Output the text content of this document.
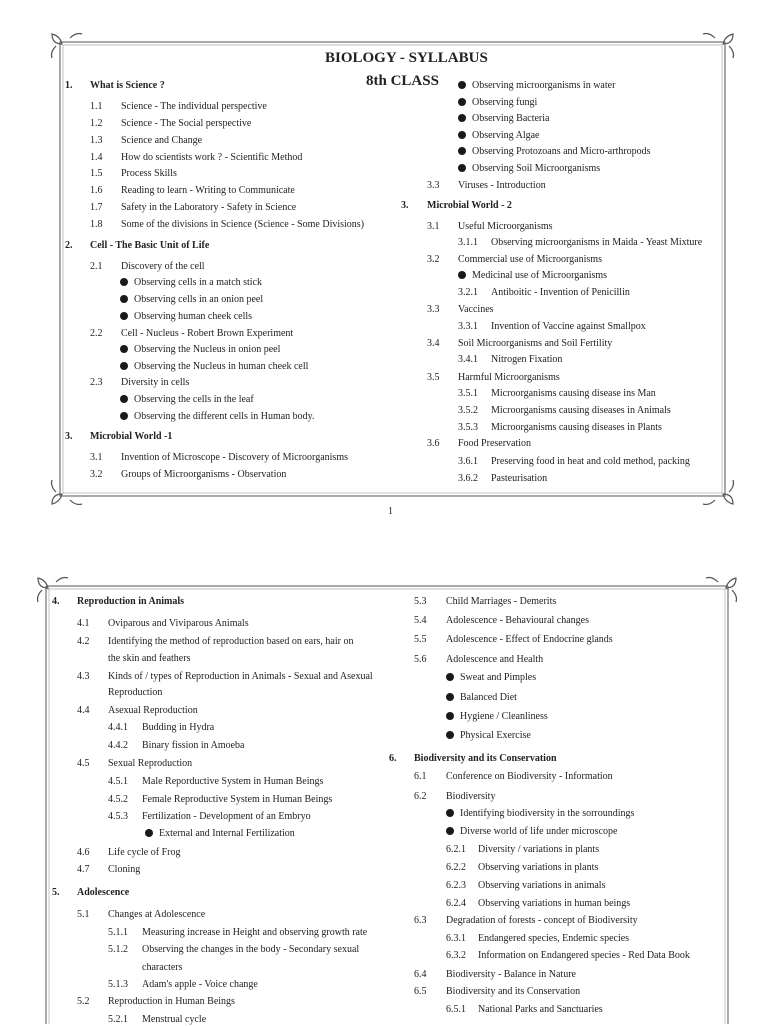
BIOLOGY - SYLLABUS
8th CLASS
1. What is Science ?
1.1 Science - The individual perspective
1.2 Science - The Social perspective
1.3 Science and Change
1.4 How do scientists work ? - Scientific Method
1.5 Process Skills
1.6 Reading to learn - Writing to Communicate
1.7 Safety in the Laboratory - Safety in Science
1.8 Some of the divisions in Science (Science - Some Divisions)
2. Cell - The Basic Unit of Life
2.1 Discovery of the cell
Observing cells in a match stick
Observing cells in an onion peel
Observing human cheek cells
2.2 Cell - Nucleus - Robert Brown Experiment
Observing the Nucleus in onion peel
Observing the Nucleus in human cheek cell
2.3 Diversity in cells
Observing the cells in the leaf
Observing the different cells in Human body.
3. Microbial World -1
3.1 Invention of Microscope - Discovery of Microorganisms
3.2 Groups of Microorganisms - Observation
Observing microorganisms in water
Observing fungi
Observing Bacteria
Observing Algae
Observing Protozoans and Micro-arthropods
Observing Soil Microorganisms
3.3 Viruses - Introduction
3. Microbial World - 2
3.1 Useful Microorganisms
3.1.1 Observing microorganisms in Maida - Yeast Mixture
3.2 Commercial use of Microorganisms
Medicinal use of Microorganisms
3.2.1 Antiboitic - Invention of Penicillin
3.3 Vaccines
3.3.1 Invention of Vaccine against Smallpox
3.4 Soil Microorganisms and Soil Fertility
3.4.1 Nitrogen Fixation
3.5 Harmful Microorganisms
3.5.1 Microorganisms causing disease ins Man
3.5.2 Microorganisms causing diseases in Animals
3.5.3 Microorganisms causing diseases in Plants
3.6 Food Preservation
3.6.1 Preserving food in heat and cold method, packing
3.6.2 Pasteurisation
1
4. Reproduction in Animals
4.1 Oviparous and Viviparous Animals
4.2 Identifying the method of reproduction based on ears, hair on
the skin and feathers
4.3 Kinds of / types of Reproduction in Animals - Sexual and Asexual
Reproduction
4.4 Asexual Reproduction
4.4.1 Budding in Hydra
4.4.2 Binary fission in Amoeba
4.5 Sexual Reproduction
4.5.1 Male Reporductive System in Human Beings
4.5.2 Female Reproductive System in Human Beings
4.5.3 Fertilization - Development of an Embryo
External and Internal Fertilization
4.6 Life cycle of Frog
4.7 Cloning
5. Adolescence
5.1 Changes at Adolescence
5.1.1 Measuring increase in Height and observing growth rate
5.1.2 Observing the changes in the body - Secondary sexual
characters
5.1.3 Adam's apple - Voice change
5.2 Reproduction in Human Beings
5.2.1 Menstrual cycle
5.3 Child Marriages - Demerits
5.4 Adolescence - Behavioural changes
5.5 Adolescence - Effect of Endocrine glands
5.6 Adolescence and Health
Sweat and Pimples
Balanced Diet
Hygiene / Cleanliness
Physical Exercise
6. Biodiversity and its Conservation
6.1 Conference on Biodiversity - Information
6.2 Biodiversity
Identifying biodiversity in the sorroundings
Diverse world of life under microscope
6.2.1 Diversity / variations in plants
6.2.2 Observing variations in plants
6.2.3 Observing variations in animals
6.2.4 Observing variations in human beings
6.3 Degradation of forests - concept of Biodiversity
6.3.1 Endangered species, Endemic species
6.3.2 Information on Endangered species - Red Data Book
6.4 Biodiversity - Balance in Nature
6.5 Biodiversity and its Conservation
6.5.1 National Parks and Sanctuaries
